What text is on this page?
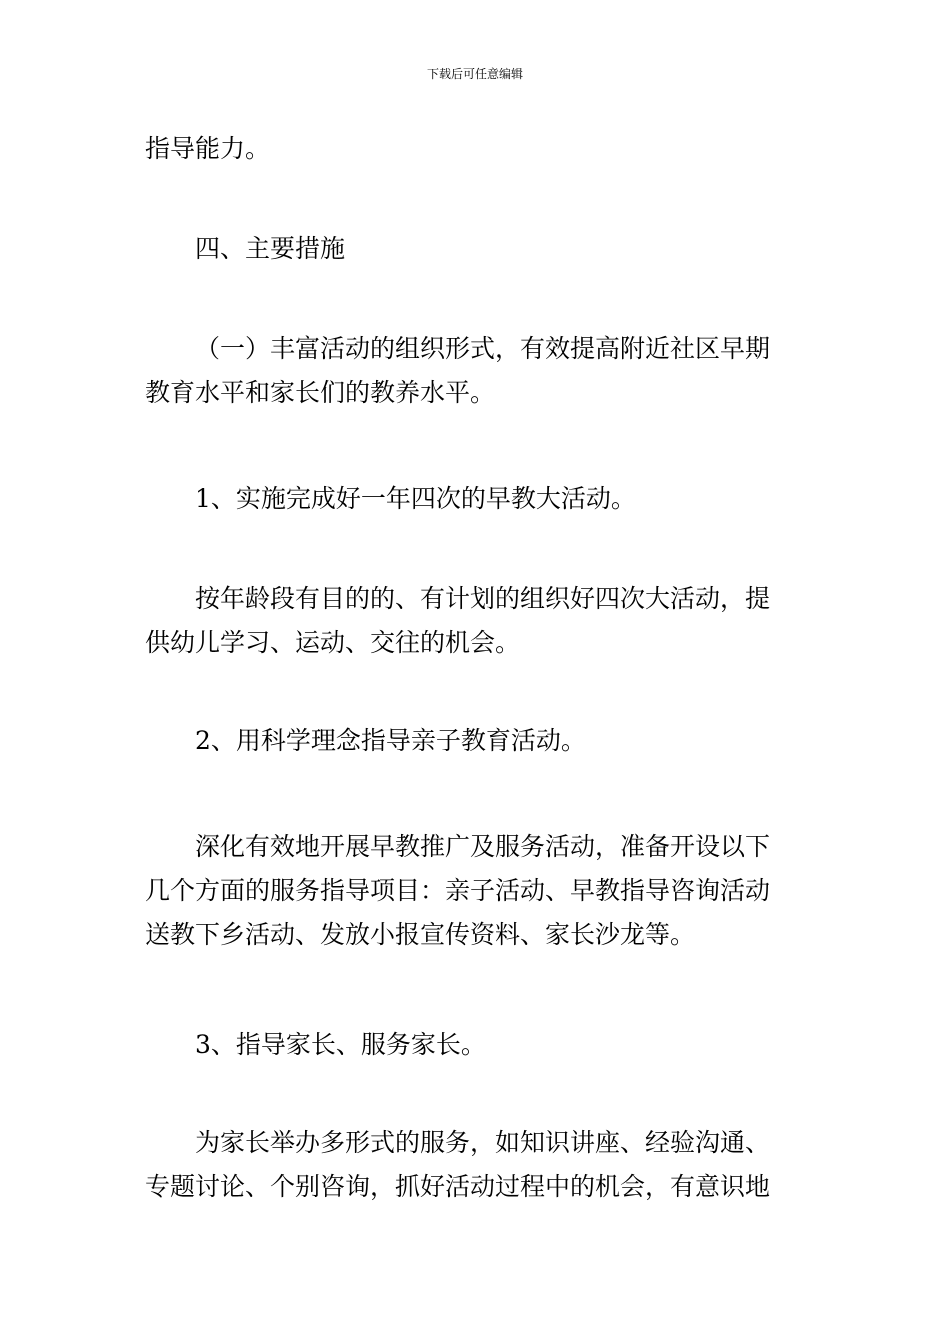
下载后可任意编辑
指导能力。
四、主要措施
（一）丰富活动的组织形式，有效提高附近社区早期
教育水平和家长们的教养水平。
1、实施完成好一年四次的早教大活动。
按年龄段有目的的、有计划的组织好四次大活动，提
供幼儿学习、运动、交往的机会。
2、用科学理念指导亲子教育活动。
深化有效地开展早教推广及服务活动，准备开设以下
几个方面的服务指导项目：亲子活动、早教指导咨询活动
送教下乡活动、发放小报宣传资料、家长沙龙等。
3、指导家长、服务家长。
为家长举办多形式的服务，如知识讲座、经验沟通、
专题讨论、个别咨询，抓好活动过程中的机会，有意识地
